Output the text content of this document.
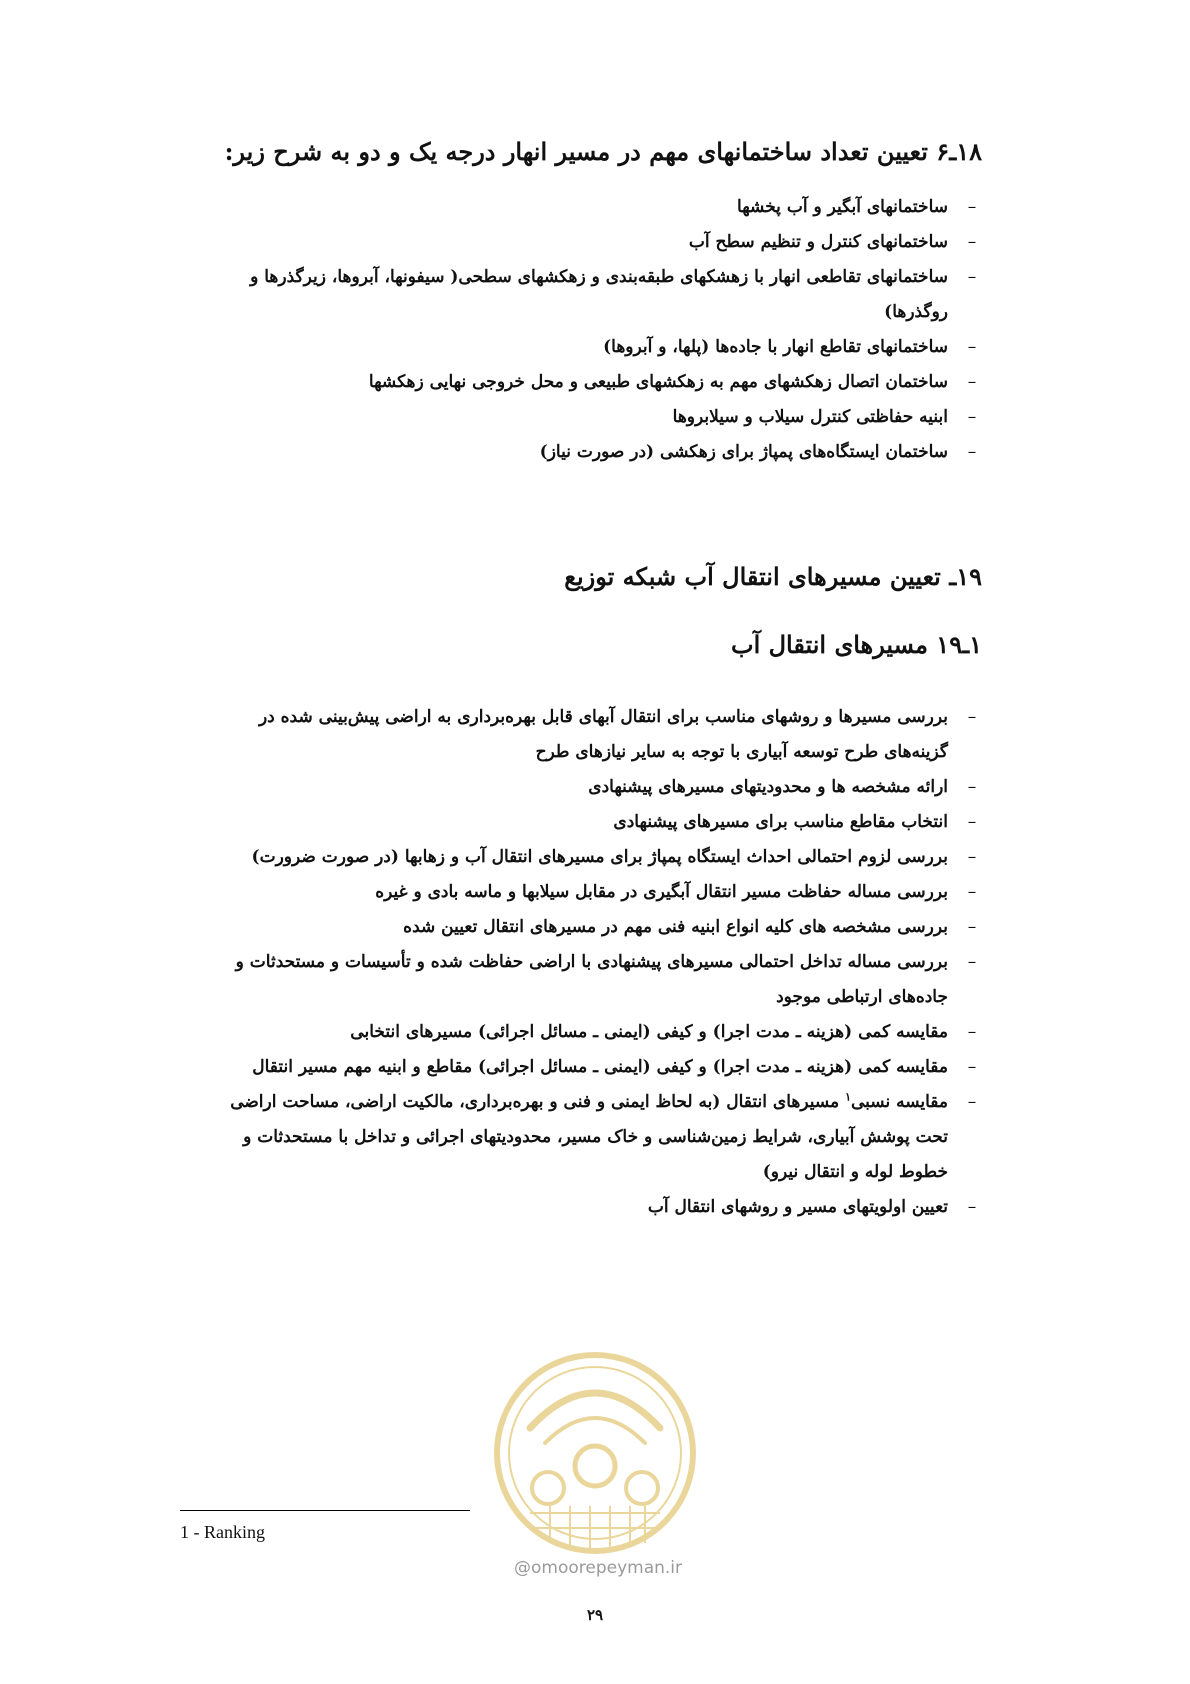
۱۸ـ۶ تعیین تعداد ساختمانهای مهم در مسیر انهار درجه یک و دو به شرح زیر:
–
ساختمانهای آبگیر و آب پخشها
–
ساختمانهای کنترل و تنظیم سطح آب
–
ساختمانهای تقاطعی انهار با زهشکهای طبقه‌بندی و زهکشهای سطحی( سیفونها، آبروها، زیرگذرها و روگذرها)
–
ساختمانهای تقاطع انهار با جاده‌ها (پلها، و آبروها)
–
ساختمان اتصال زهکشهای مهم به زهکشهای طبیعی و محل خروجی نهایی زهکشها
–
ابنیه حفاظتی کنترل سیلاب و سیلابروها
–
ساختمان ایستگاه‌های پمپاژ برای زهکشی (در صورت نیاز)
۱۹ـ تعیین مسیرهای انتقال آب شبکه توزیع
۱ـ۱۹ مسیرهای انتقال آب
–
بررسی مسیرها و روشهای مناسب برای انتقال آبهای قابل بهره‌برداری به اراضی پیش‌بینی شده در گزینه‌های طرح توسعه آبیاری با توجه به سایر نیازهای طرح
–
ارائه مشخصه ها و محدودیتهای مسیرهای پیشنهادی
–
انتخاب مقاطع مناسب برای مسیرهای پیشنهادی
–
بررسی لزوم احتمالی احداث ایستگاه پمپاژ برای مسیرهای انتقال آب و زهابها (در صورت ضرورت)
–
بررسی مساله حفاظت مسیر انتقال آبگیری در مقابل سیلابها و ماسه بادی و غیره
–
بررسی مشخصه های کلیه انواع ابنیه فنی مهم در مسیرهای انتقال تعیین شده
–
بررسی مساله تداخل احتمالی مسیرهای پیشنهادی با اراضی حفاظت شده و تأسیسات و مستحدثات و جاده‌های ارتباطی موجود
–
مقایسه کمی (هزینه ـ مدت اجرا) و کیفی (ایمنی ـ مسائل اجرائی) مسیرهای انتخابی
–
مقایسه کمی (هزینه ـ مدت اجرا) و کیفی (ایمنی ـ مسائل اجرائی) مقاطع و ابنیه مهم مسیر انتقال
–
مقایسه نسبی$^۱$ مسیرهای انتقال (به لحاظ ایمنی و فنی و بهره‌برداری، مالکیت اراضی، مساحت اراضی تحت پوشش آبیاری، شرایط زمین‌شناسی و خاک مسیر، محدودیتهای اجرائی و تداخل با مستحدثات و خطوط لوله و انتقال نیرو)
–
تعیین اولویتهای مسیر و روشهای انتقال آب
@omoorepeyman.ir
1 - Ranking
۲۹
